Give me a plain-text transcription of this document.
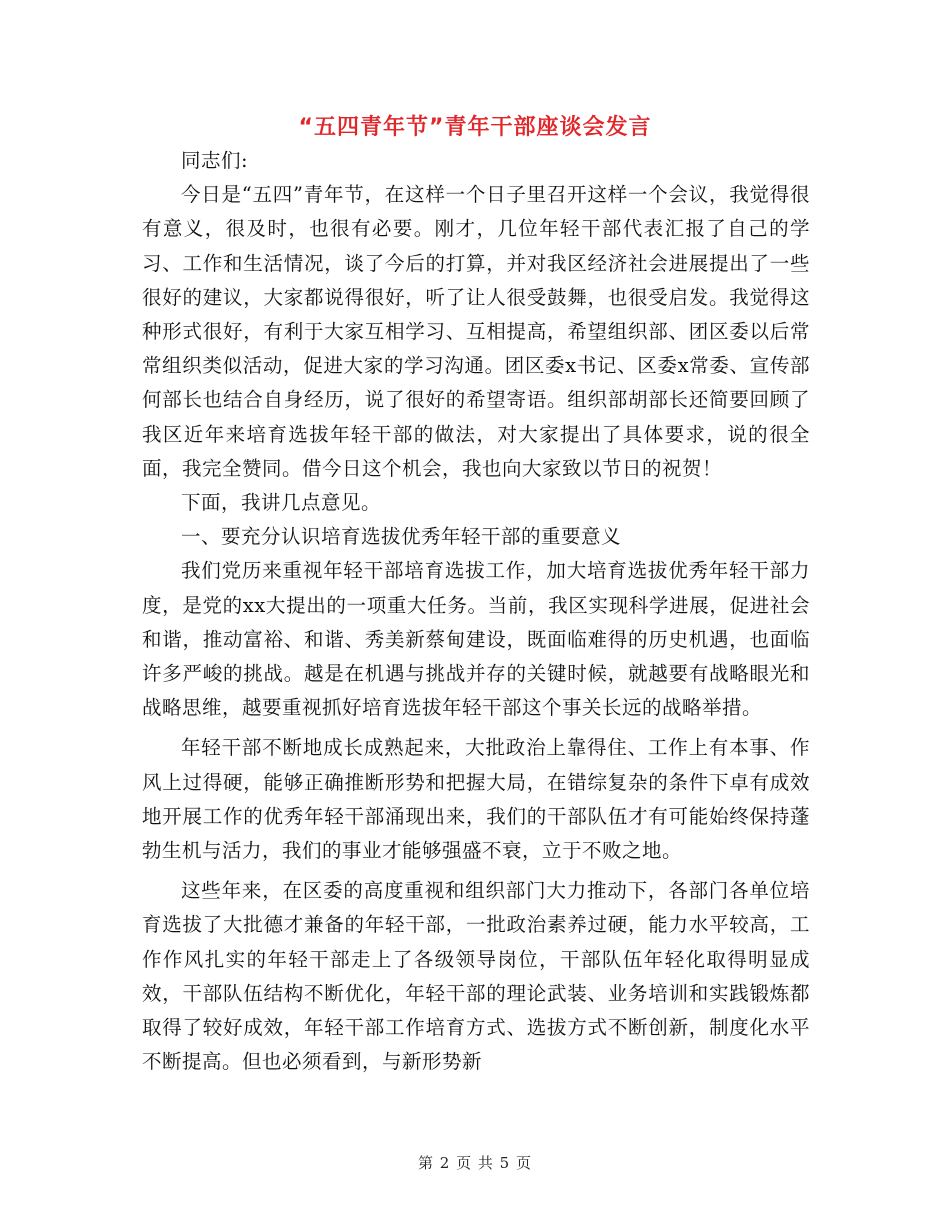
“五四青年节”青年干部座谈会发言

同志们:

今日是“五四”青年节，在这样一个日子里召开这样一个会议，我觉得很有意义，很及时，也很有必要。刚才，几位年轻干部代表汇报了自己的学习、工作和生活情况，谈了今后的打算，并对我区经济社会进展提出了一些很好的建议，大家都说得很好，听了让人很受鼓舞，也很受启发。我觉得这种形式很好，有利于大家互相学习、互相提高，希望组织部、团区委以后常常组织类似活动，促进大家的学习沟通。团区委x书记、区委x常委、宣传部何部长也结合自身经历，说了很好的希望寄语。组织部胡部长还简要回顾了我区近年来培育选拔年轻干部的做法，对大家提出了具体要求，说的很全面，我完全赞同。借今日这个机会，我也向大家致以节日的祝贺！

下面，我讲几点意见。

一、要充分认识培育选拔优秀年轻干部的重要意义

我们党历来重视年轻干部培育选拔工作，加大培育选拔优秀年轻干部力度，是党的xx大提出的一项重大任务。当前，我区实现科学进展，促进社会和谐，推动富裕、和谐、秀美新蔡甸建设，既面临难得的历史机遇，也面临许多严峻的挑战。越是在机遇与挑战并存的关键时候，就越要有战略眼光和战略思维，越要重视抓好培育选拔年轻干部这个事关长远的战略举措。

年轻干部不断地成长成熟起来，大批政治上靠得住、工作上有本事、作风上过得硬，能够正确推断形势和把握大局，在错综复杂的条件下卓有成效地开展工作的优秀年轻干部涌现出来，我们的干部队伍才有可能始终保持蓬勃生机与活力，我们的事业才能够强盛不衰，立于不败之地。

这些年来，在区委的高度重视和组织部门大力推动下，各部门各单位培育选拔了大批德才兼备的年轻干部，一批政治素养过硬，能力水平较高，工作作风扎实的年轻干部走上了各级领导岗位，干部队伍年轻化取得明显成效，干部队伍结构不断优化，年轻干部的理论武装、业务培训和实践锻炼都取得了较好成效，年轻干部工作培育方式、选拔方式不断创新，制度化水平不断提高。但也必须看到，与新形势新

第 2 页 共 5 页
